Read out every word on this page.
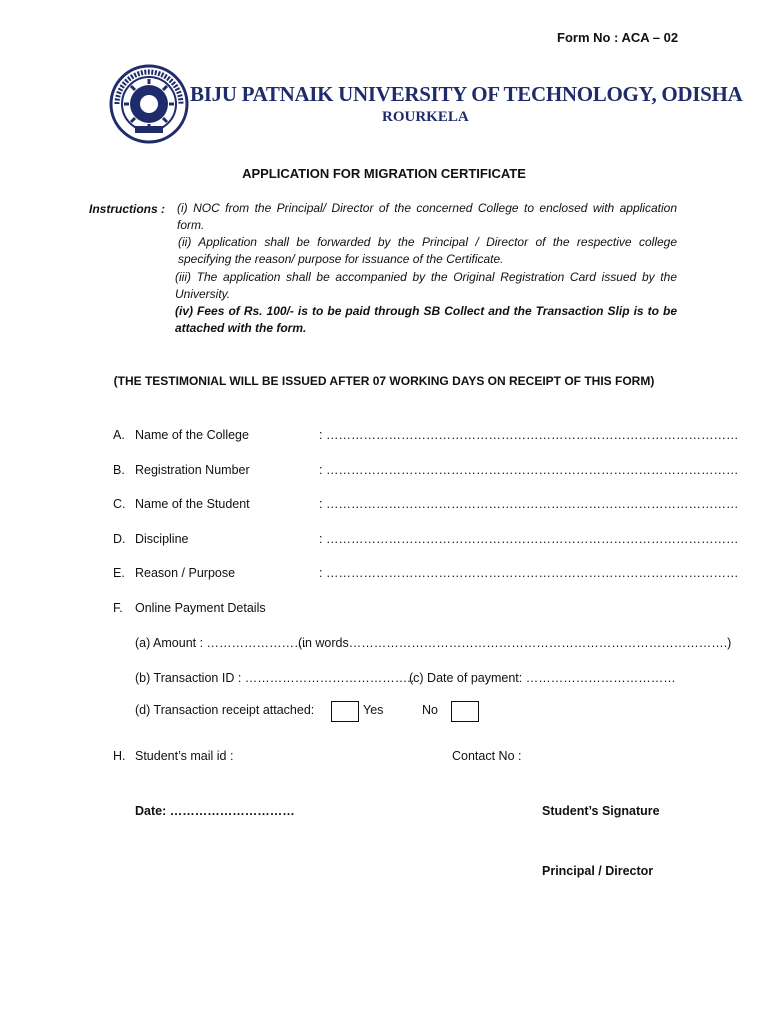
Form No : ACA – 02
BIJU PATNAIK UNIVERSITY OF TECHNOLOGY, ODISHA
ROURKELA
APPLICATION FOR MIGRATION CERTIFICATE
Instructions : (i) NOC from the Principal/ Director of the concerned College to enclosed with application form.
(ii) Application shall be forwarded by the Principal / Director of the respective college specifying the reason/ purpose for issuance of the Certificate.
(iii) The application shall be accompanied by the Original Registration Card issued by the University.
(iv) Fees of Rs. 100/- is to be paid through SB Collect and the Transaction Slip is to be attached with the form.
(THE TESTIMONIAL WILL BE ISSUED AFTER 07 WORKING DAYS ON RECEIPT OF THIS FORM)
A. Name of the College	: ………………………………………………………………………………………
B. Registration Number	: ………………………………………………………………………………………
C. Name of the Student	: ………………………………………………………………………………………
D. Discipline	: ………………………………………………………………………………………
E. Reason / Purpose	: ………………………………………………………………………………………
F. Online Payment Details
(a) Amount : ……………………
(in words……………………………………………………………………………….)
(b) Transaction ID : …………………………………..
(c) Date of payment: ………………………………
(d) Transaction receipt attached:	Yes	No
H. Student’s mail id :	Contact No :
Date: …………………………	Student’s Signature
Principal / Director
